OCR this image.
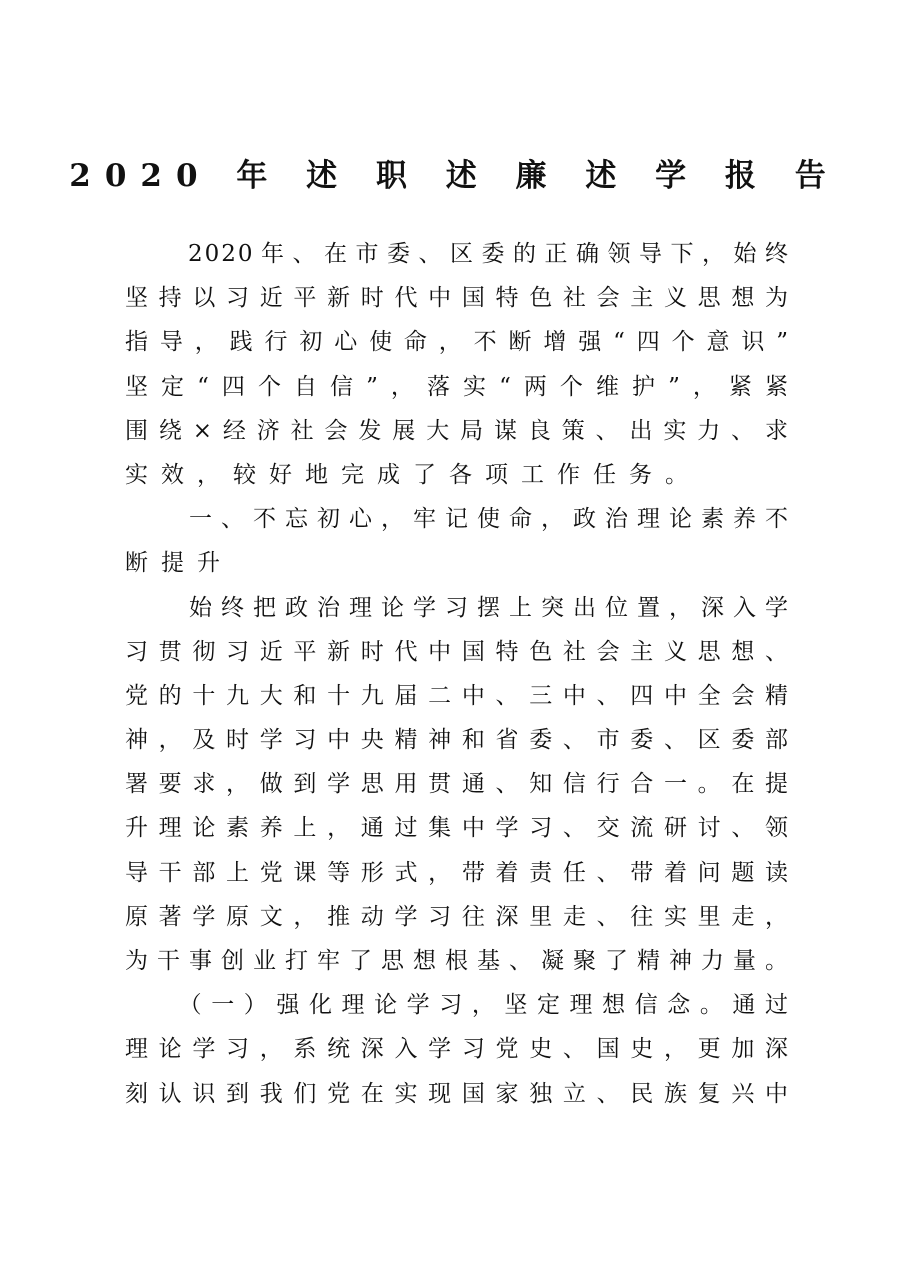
2020 年 述 职 述 廉 述 学 报 告
　　2020年、在市委、区委的正确领导下，始终
坚持以习近平新时代中国特色社会主义思想为
指导，践行初心使命，不断增强“四个意识”
坚定“四个自信”，落实“两个维护”，紧紧
围绕×经济社会发展大局谋良策、出实力、求
实效，较好地完成了各项工作任务。
　　一、不忘初心，牢记使命，政治理论素养不
断提升
　　始终把政治理论学习摆上突出位置，深入学
习贯彻习近平新时代中国特色社会主义思想、
党的十九大和十九届二中、三中、四中全会精
神，及时学习中央精神和省委、市委、区委部
署要求，做到学思用贯通、知信行合一。在提
升理论素养上，通过集中学习、交流研讨、领
导干部上党课等形式，带着责任、带着问题读
原著学原文，推动学习往深里走、往实里走，
为干事创业打牢了思想根基、凝聚了精神力量。
　　（一）强化理论学习，坚定理想信念。通过
理论学习，系统深入学习党史、国史，更加深
刻认识到我们党在实现国家独立、民族复兴中
